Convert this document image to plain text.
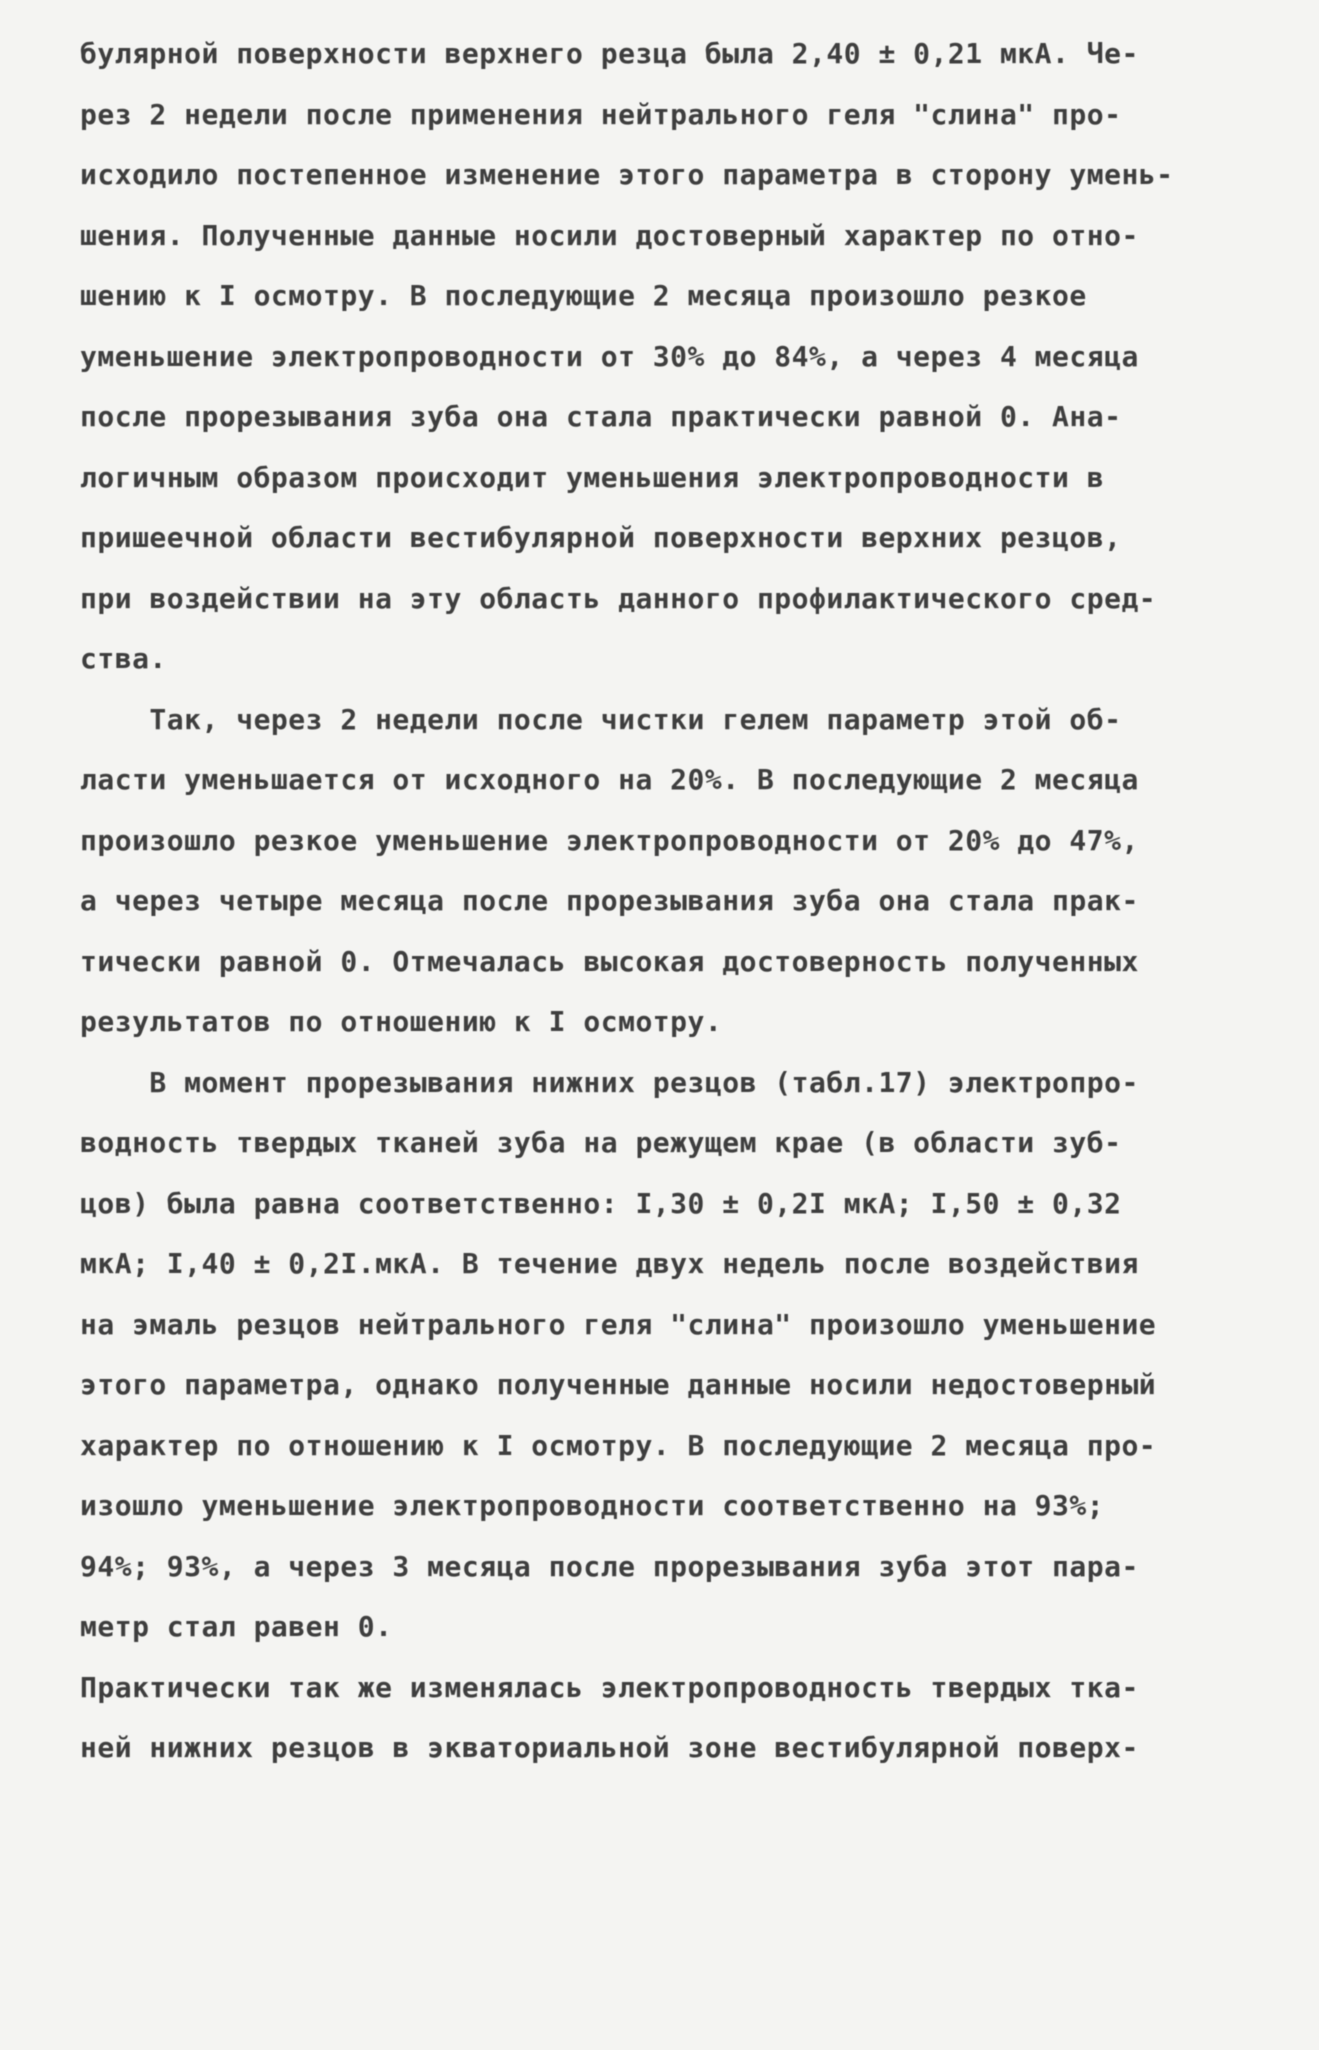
булярной поверхности верхнего резца была 2,40 ± 0,21 мкА. Че-
рез 2 недели после применения нейтрального геля "слина" про-
исходило постепенное изменение этого параметра в сторону умень-
шения. Полученные данные носили достоверный характер по отно-
шению к I осмотру. В последующие 2 месяца произошло резкое
уменьшение электропроводности от 30% до 84%, а через 4 месяца
после прорезывания зуба она стала практически равной 0. Ана-
логичным образом происходит уменьшения электропроводности в
пришеечной области вестибулярной поверхности верхних резцов,
при воздействии на эту область данного профилактического сред-
ства.
Так, через 2 недели после чистки гелем параметр этой об-
ласти уменьшается от исходного на 20%. В последующие 2 месяца
произошло резкое уменьшение электропроводности от 20% до 47%,
а через четыре месяца после прорезывания зуба она стала прак-
тически равной 0. Отмечалась высокая достоверность полученных
результатов по отношению к I осмотру.
В момент прорезывания нижних резцов (табл.17) электропро-
водность твердых тканей зуба на режущем крае (в области зуб-
цов) была равна соответственно: I,30 ± 0,2I мкА; I,50 ± 0,32
мкА; I,40 ± 0,2I.мкА. В течение двух недель после воздействия
на эмаль резцов нейтрального геля "слина" произошло уменьшение
этого параметра, однако полученные данные носили недостоверный
характер по отношению к I осмотру. В последующие 2 месяца про-
изошло уменьшение электропроводности соответственно на 93%;
94%; 93%, а через 3 месяца после прорезывания зуба этот пара-
метр стал равен 0.
Практически так же изменялась электропроводность твердых тка-
ней нижних резцов в экваториальной зоне вестибулярной поверх-
